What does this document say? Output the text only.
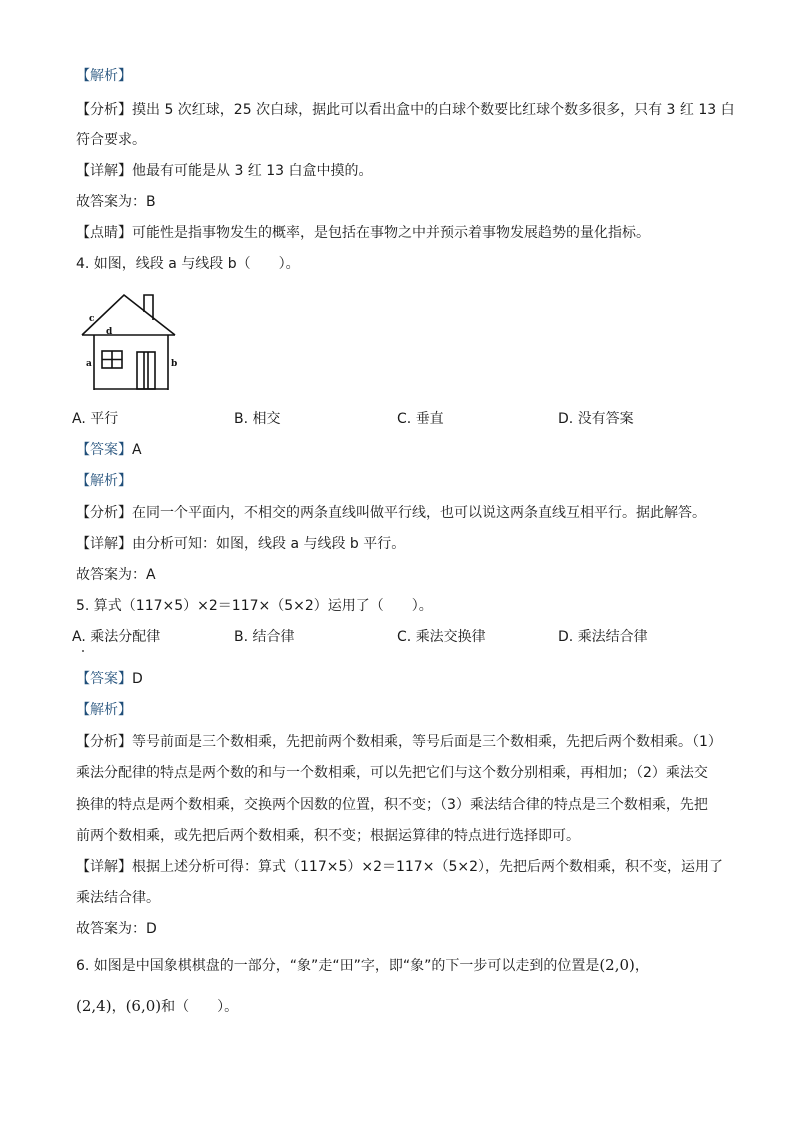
【解析】
【分析】摸出 5 次红球，25 次白球，据此可以看出盒中的白球个数要比红球个数多很多，只有 3 红 13 白
符合要求。
【详解】他最有可能是从 3 红 13 白盒中摸的。
故答案为：B
【点睛】可能性是指事物发生的概率，是包括在事物之中并预示着事物发展趋势的量化指标。
4. 如图，线段 a 与线段 b（　　）。
c
d
a	b
A. 平行	B. 相交	C. 垂直	D. 没有答案
【答案】A
【解析】
【分析】在同一个平面内，不相交的两条直线叫做平行线，也可以说这两条直线互相平行。据此解答。
【详解】由分析可知：如图，线段 a 与线段 b 平行。
故答案为：A
5. 算式（117×5）×2＝117×（5×2）运用了（　　）。
A. 乘法分配律	B. 结合律	C. 乘法交换律	D. 乘法结合律
【答案】D
【解析】
【分析】等号前面是三个数相乘，先把前两个数相乘，等号后面是三个数相乘，先把后两个数相乘。（1）
乘法分配律的特点是两个数的和与一个数相乘，可以先把它们与这个数分别相乘，再相加；（2）乘法交
换律的特点是两个数相乘，交换两个因数的位置，积不变；（3）乘法结合律的特点是三个数相乘，先把
前两个数相乘，或先把后两个数相乘，积不变；根据运算律的特点进行选择即可。
【详解】根据上述分析可得：算式（117×5）×2＝117×（5×2），先把后两个数相乘，积不变，运用了
乘法结合律。
故答案为：D
6. 如图是中国象棋棋盘的一部分，“象”走“田”字，即“象”的下一步可以走到的位置是(2,0)，
(2,4)，(6,0)和（　　）。
